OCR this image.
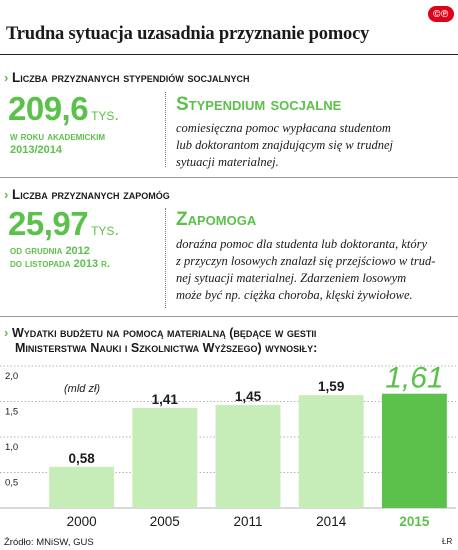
©℗
Trudna sytuacja uzasadnia przyznanie pomocy
› Liczba przyznanych stypendiów socjalnych
209,6 tys.
w roku akademickim
2013/2014
Stypendium socjalne
comiesięczna pomoc wypłacana studentom
lub doktorantom znajdującym się w trudnej
sytuacji materialnej.
› Liczba przyznanych zapomóg
25,97 tys.
od grudnia 2012
do listopada 2013 r.
Zapomoga
doraźna pomoc dla studenta lub doktoranta, który
z przyczyn losowych znalazł się przejściowo w trud-
nej sytuacji materialnej. Zdarzeniem losowym
może być np. ciężka choroba, klęski żywiołowe.
› Wydatki budżetu na pomocą materialną (będące w gestii
Ministerstwa Nauki i Szkolnictwa Wyższego) wynosiły:
0,5
1,0
1,5
2,0
(mld zł)
0,58
2000
1,41
2005
1,45
2011
1,59
2014
1,61
2015
Źródło: MNiSW, GUS	ŁR
